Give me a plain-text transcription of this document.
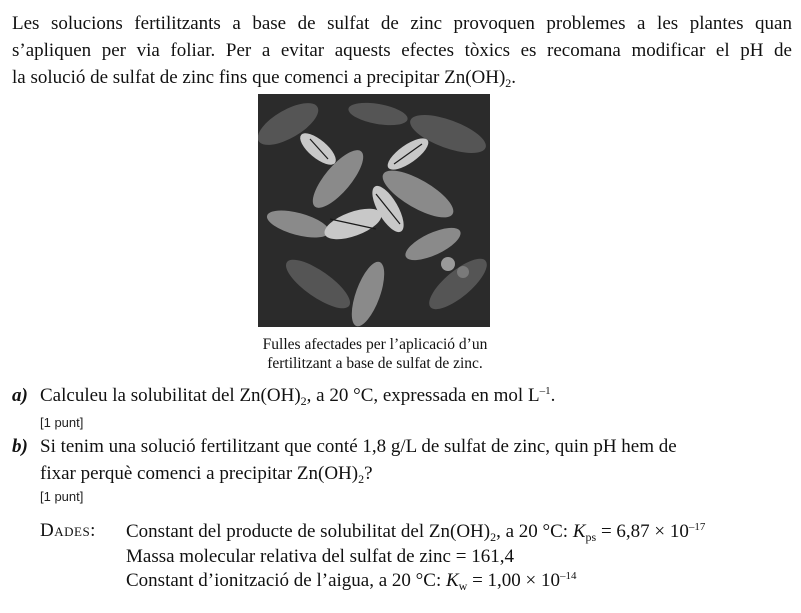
Les solucions fertilitzants a base de sulfat de zinc provoquen problemes a les plantes quan
s’apliquen per via foliar. Per a evitar aquests efectes tòxics es recomana modificar el pH de
la solució de sulfat de zinc fins que comenci a precipitar $Zn(OH)_2$.
Fulles afectades per l’aplicació d’un
fertilitzant a base de sulfat de zinc.
a) Calculeu la solubilitat del $Zn(OH)_2$, a 20 °C, expressada en mol $L^{-1}$.
[1 punt]
b) Si tenim una solució fertilitzant que conté 1,8 g/L de sulfat de zinc, quin pH hem de
fixar perquè comenci a precipitar $Zn(OH)_2$?
[1 punt]
Dades: Constant del producte de solubilitat del $Zn(OH)_2$, a 20 °C: $K_{ps} = 6,87 \times 10^{-17}$
Massa molecular relativa del sulfat de zinc = 161,4
Constant d’ionització de l’aigua, a 20 °C: $K_w = 1,00 \times 10^{-14}$
